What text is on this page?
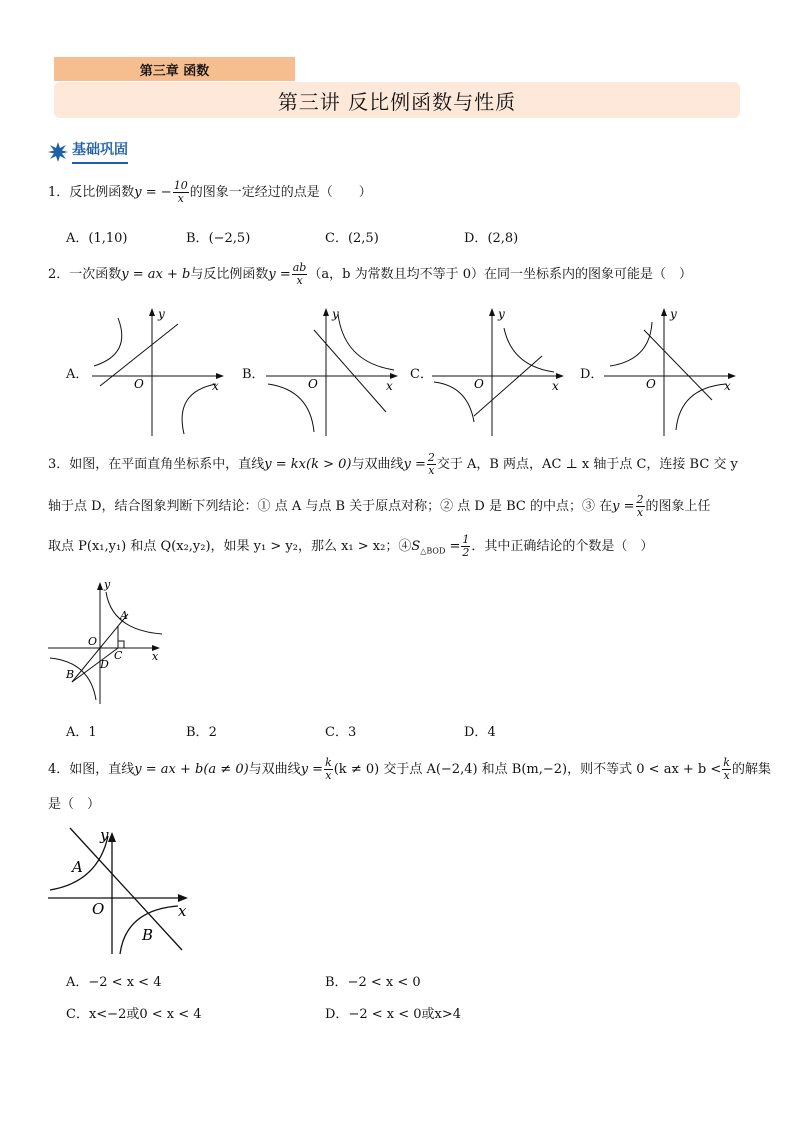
第三章 函数
第三讲 反比例函数与性质
基础巩固
1．反比例函数y = − $\frac{10}{x}$ 的图象一定经过的点是（　　）
A．(1,10)	B．(−2,5)	C．(2,5)	D．(2,8)
2．一次函数y = ax + b与反比例函数$y = \frac{ab}{x} (a$，b 为常数且均不等于 0）在同一坐标系内的图象可能是（　）
A．
y
x
O
B．
y
x
O
C．
y
x
O
D．
y
x
O
3．如图，在平面直角坐标系中，直线y = kx(k > 0)与双曲线$y = \frac{2}{x}$ 交于 A，B 两点，AC ⊥ x 轴于点 C，连接 BC 交 y
轴于点 D，结合图象判断下列结论：① 点 A 与点 B 关于原点对称；② 点 D 是 BC 的中点；③ 在$y = \frac{2}{x}$ 的图象上任
取点 P(x₁,y₁) 和点 Q(x₂,y₂)，如果 y₁ > y₂，那么 x₁ > x₂；$④S_{\triangle BOD} = \frac{1}{2}$ ．其中正确结论的个数是（　）
y
x
O
A
B
C
D
A．1	B．2	C．3	D．4
4．如图，直线y = ax + b(a ≠ 0)与双曲线$y = \frac{k}{x} (k \ne 0)$ 交于点 A(−2,4) 和点 B(m,−2)，则不等式 0 < ax + $b < \frac{k}{x}$ 的解集
是（　）
y
x
O
A
B
A．−2 < x < 4	B．−2 < x < 0
C．x<−2或0 < x < 4	D．−2 < x < 0或x>4
